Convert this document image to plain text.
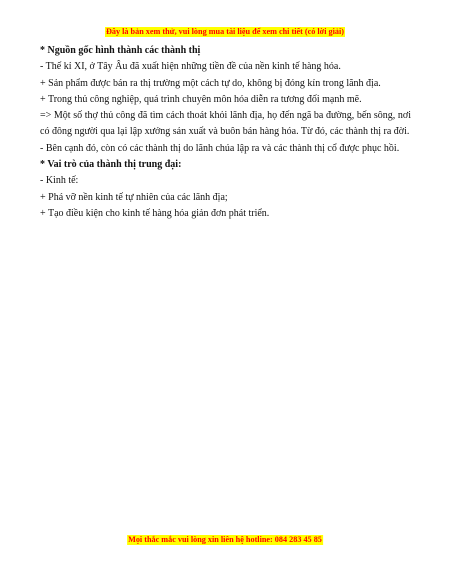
Đây là bản xem thử, vui lòng mua tài liệu để xem chi tiết (có lời giải)

* Nguồn gốc hình thành các thành thị

- Thế kỉ XI, ở Tây Âu đã xuất hiện những tiền đề của nền kinh tế hàng hóa.

+ Sản phẩm được bán ra thị trường một cách tự do, không bị đóng kín trong lãnh địa.

+ Trong thủ công nghiệp, quá trình chuyên môn hóa diễn ra tương đối mạnh mẽ.

=> Một số thợ thủ công đã tìm cách thoát khỏi lãnh địa, họ đến ngã ba đường, bến sông, nơi có đông người qua lại lập xưởng sản xuất và buôn bán hàng hóa. Từ đó, các thành thị ra đời.

- Bên cạnh đó, còn có các thành thị do lãnh chúa lập ra và các thành thị cổ được phục hồi.

* Vai trò của thành thị trung đại:

- Kinh tế:

+ Phá vỡ nền kinh tế tự nhiên của các lãnh địa;

+ Tạo điều kiện cho kinh tế hàng hóa giản đơn phát triển.

Mọi thắc mắc vui lòng xin liên hệ hotline: 084 283 45 85
